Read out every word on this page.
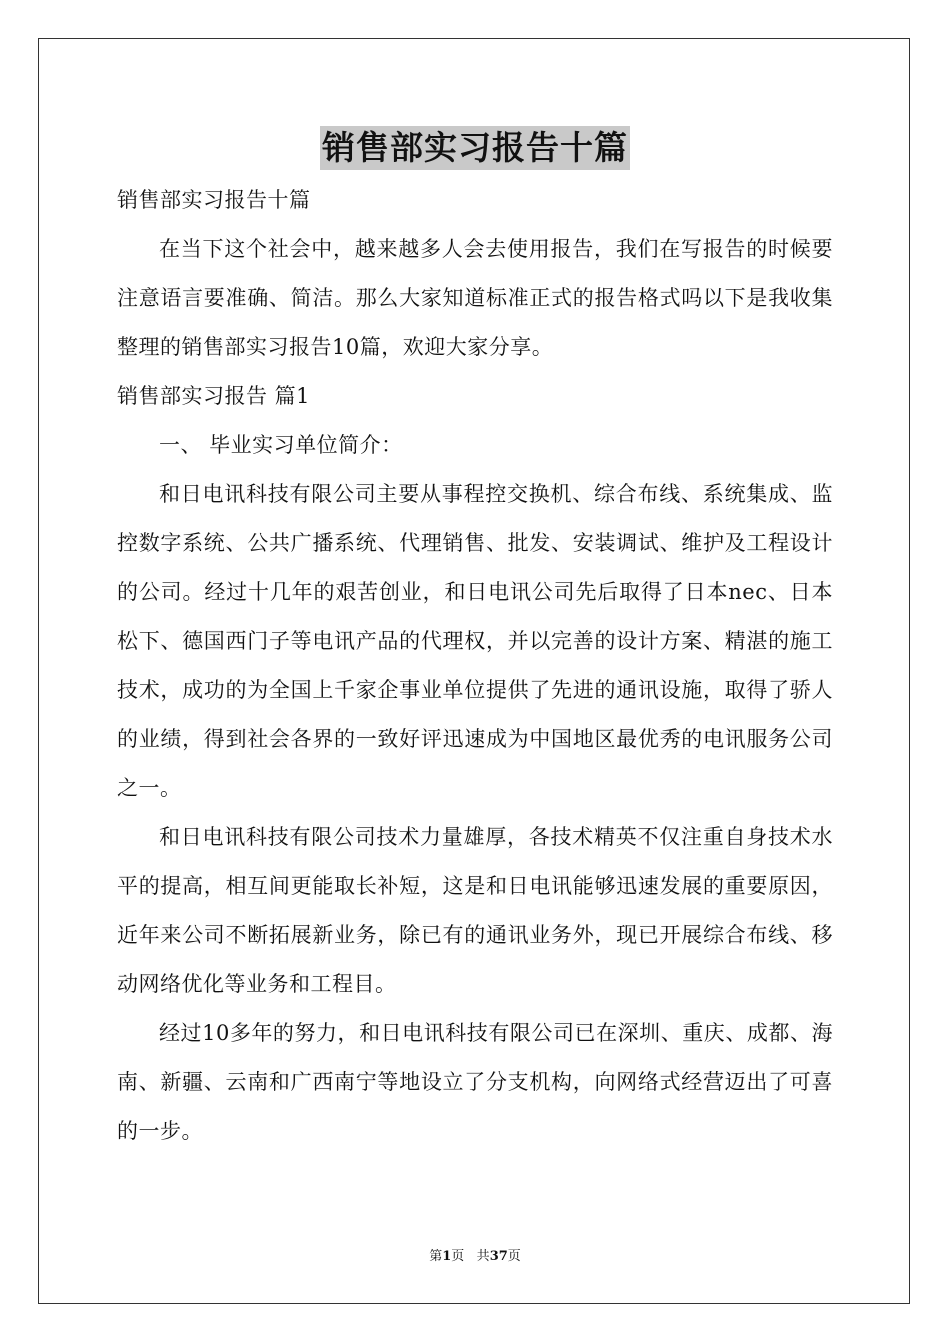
销售部实习报告十篇
销售部实习报告十篇

在当下这个社会中，越来越多人会去使用报告，我们在写报告的时候要注意语言要准确、简洁。那么大家知道标准正式的报告格式吗以下是我收集整理的销售部实习报告10篇，欢迎大家分享。

销售部实习报告 篇1

一、 毕业实习单位简介：

和日电讯科技有限公司主要从事程控交换机、综合布线、系统集成、监控数字系统、公共广播系统、代理销售、批发、安装调试、维护及工程设计的公司。经过十几年的艰苦创业，和日电讯公司先后取得了日本nec、日本松下、德国西门子等电讯产品的代理权，并以完善的设计方案、精湛的施工技术，成功的为全国上千家企事业单位提供了先进的通讯设施，取得了骄人的业绩，得到社会各界的一致好评迅速成为中国地区最优秀的电讯服务公司之一。

和日电讯科技有限公司技术力量雄厚，各技术精英不仅注重自身技术水平的提高，相互间更能取长补短，这是和日电讯能够迅速发展的重要原因，近年来公司不断拓展新业务，除已有的通讯业务外，现已开展综合布线、移动网络优化等业务和工程目。

经过10多年的努力，和日电讯科技有限公司已在深圳、重庆、成都、海南、新疆、云南和广西南宁等地设立了分支机构，向网络式经营迈出了可喜的一步。

第1页 共37页
